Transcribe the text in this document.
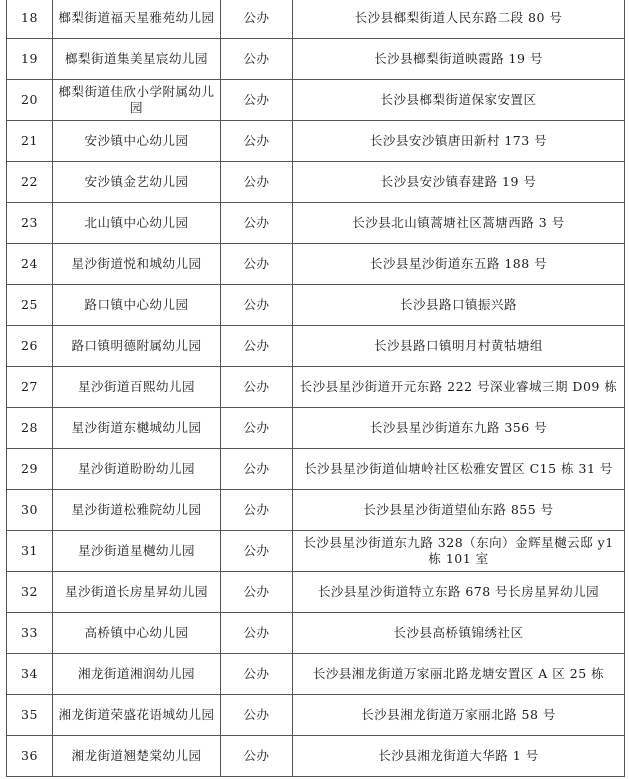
18	榔梨街道福天星雅苑幼儿园	公办	长沙县榔梨街道人民东路二段 80 号
19	榔梨街道集美星宸幼儿园	公办	长沙县榔梨街道映霞路 19 号
20	榔梨街道佳欣小学附属幼儿园	公办	长沙县榔梨街道保家安置区
21	安沙镇中心幼儿园	公办	长沙县安沙镇唐田新村 173 号
22	安沙镇金艺幼儿园	公办	长沙县安沙镇春建路 19 号
23	北山镇中心幼儿园	公办	长沙县北山镇蒿塘社区蒿塘西路 3 号
24	星沙街道悦和城幼儿园	公办	长沙县星沙街道东五路 188 号
25	路口镇中心幼儿园	公办	长沙县路口镇振兴路
26	路口镇明德附属幼儿园	公办	长沙县路口镇明月村黄牯塘组
27	星沙街道百熙幼儿园	公办	长沙县星沙街道开元东路 222 号深业睿城三期 D09 栋
28	星沙街道东樾城幼儿园	公办	长沙县星沙街道东九路 356 号
29	星沙街道盼盼幼儿园	公办	长沙县星沙街道仙塘岭社区松雅安置区 C15 栋 31 号
30	星沙街道松雅院幼儿园	公办	长沙县星沙街道望仙东路 855 号
31	星沙街道星樾幼儿园	公办	长沙县星沙街道东九路 328（东向）金辉星樾云邸 y1 栋 101 室
32	星沙街道长房星昇幼儿园	公办	长沙县星沙街道特立东路 678 号长房星昇幼儿园
33	高桥镇中心幼儿园	公办	长沙县高桥镇锦绣社区
34	湘龙街道湘润幼儿园	公办	长沙县湘龙街道万家丽北路龙塘安置区 A 区 25 栋
35	湘龙街道荣盛花语城幼儿园	公办	长沙县湘龙街道万家丽北路 58 号
36	湘龙街道翘楚棠幼儿园	公办	长沙县湘龙街道大华路 1 号
